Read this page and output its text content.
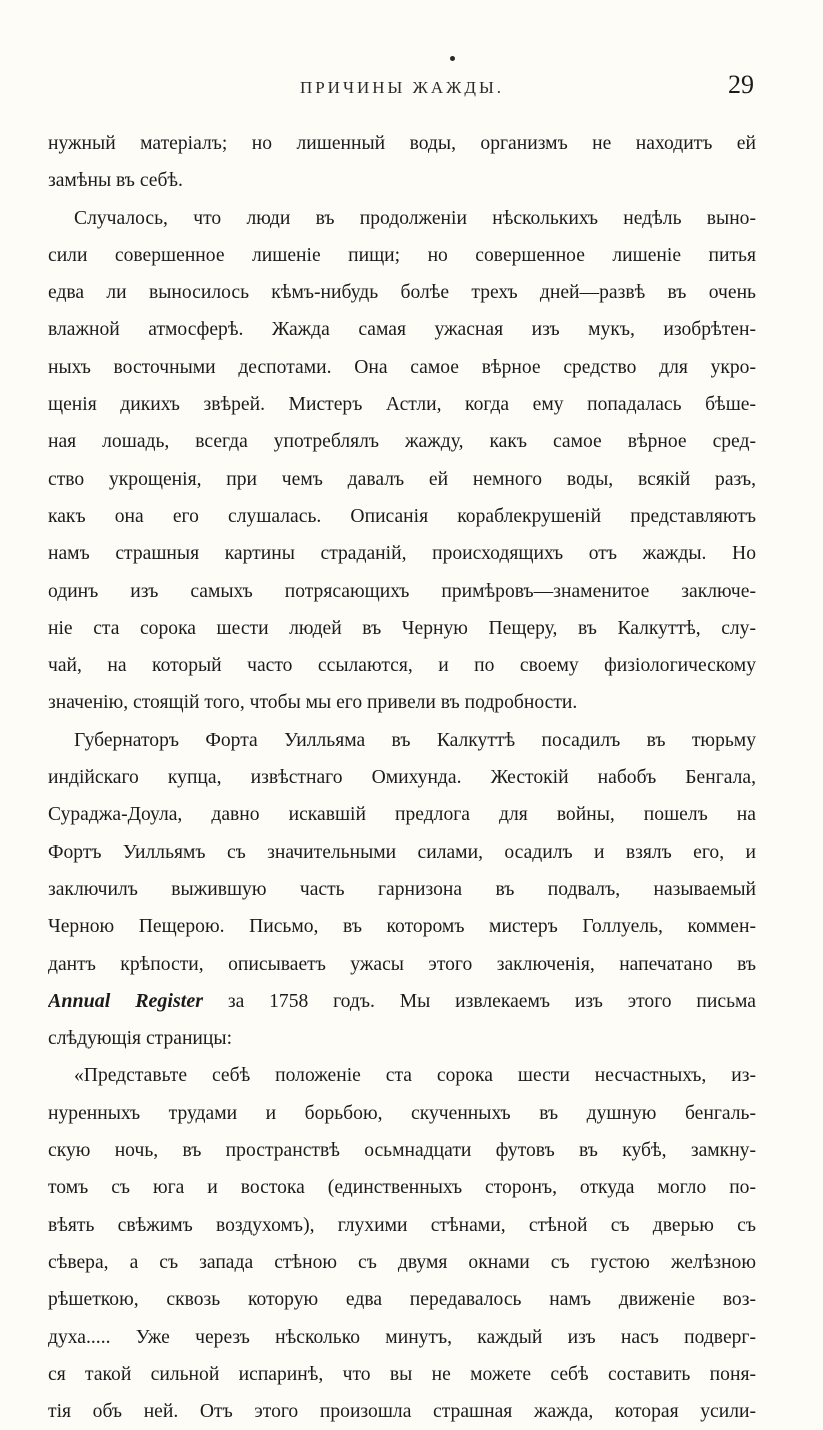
ПРИЧИНЫ ЖАЖДЫ.	29
нужный матеріалъ; но лишенный воды, организмъ не находитъ ей
замѣны въ себѣ.
Случалось, что люди въ продолженіи нѣсколькихъ недѣль выно-
сили совершенное лишеніе пищи; но совершенное лишеніе питья
едва ли выносилось кѣмъ-нибудь болѣе трехъ дней—развѣ въ очень
влажной атмосферѣ. Жажда самая ужасная изъ мукъ, изобрѣтен-
ныхъ восточными деспотами. Она самое вѣрное средство для укро-
щенія дикихъ звѣрей. Мистеръ Астли, когда ему попадалась бѣше-
ная лошадь, всегда употреблялъ жажду, какъ самое вѣрное сред-
ство укрощенія, при чемъ давалъ ей немного воды, всякій разъ,
какъ она его слушалась. Описанія кораблекрушеній представляютъ
намъ страшныя картины страданій, происходящихъ отъ жажды. Но
одинъ изъ самыхъ потрясающихъ примѣровъ—знаменитое заключе-
ніе ста сорока шести людей въ Черную Пещеру, въ Калкуттѣ, слу-
чай, на который часто ссылаются, и по своему физіологическому
значенію, стоящій того, чтобы мы его привели въ подробности.
Губернаторъ Форта Уилльяма въ Калкуттѣ посадилъ въ тюрьму
индійскаго купца, извѣстнаго Омихунда. Жестокій набобъ Бенгала,
Сураджа-Доула, давно искавшій предлога для войны, пошелъ на
Фортъ Уилльямъ съ значительными силами, осадилъ и взялъ его, и
заключилъ выжившую часть гарнизона въ подвалъ, называемый
Черною Пещерою. Письмо, въ которомъ мистеръ Голлуель, коммен-
дантъ крѣпости, описываетъ ужасы этого заключенія, напечатано въ
Annual Register за 1758 годъ. Мы извлекаемъ изъ этого письма
слѣдующія страницы:
«Представьте себѣ положеніе ста сорока шести несчастныхъ, из-
нуренныхъ трудами и борьбою, скученныхъ въ душную бенгаль-
скую ночь, въ пространствѣ осьмнадцати футовъ въ кубѣ, замкну-
томъ съ юга и востока (единственныхъ сторонъ, откуда могло по-
вѣять свѣжимъ воздухомъ), глухими стѣнами, стѣной съ дверью съ
сѣвера, а съ запада стѣною съ двумя окнами съ густою желѣзною
рѣшеткою, сквозь которую едва передавалось намъ движеніе воз-
духа..... Уже черезъ нѣсколько минутъ, каждый изъ насъ подверг-
ся такой сильной испаринѣ, что вы не можете себѣ составить поня-
тія объ ней. Отъ этого произошла страшная жажда, которая усили-
